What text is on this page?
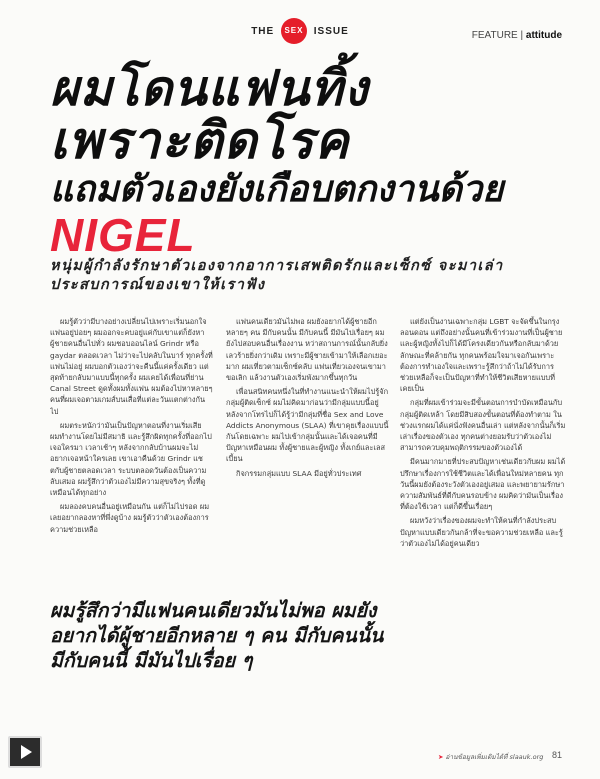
THE SEX ISSUE	FEATURE | attitude
ผมโดนแฟนทิ้ง
เพราะติดโรค
แถมตัวเองยังเกือบตกงานด้วย
NIGEL
หนุ่มผู้กำลังรักษาตัวเองจากอาการเสพติดรักและเซ็กซ์ จะมาเล่าประสบการณ์ของเขาให้เราฟัง

ผมรู้ตัวว่ามีบางอย่างเปลี่ยนไปเพราะเริ่มนอกใจแฟนอยู่บ่อยๆ ผมออกจะคบอยู่แค่กับเขาแต่ก็ยังหาผู้ชายคนอื่นไปทั่ว ผมชอบออนไลน์ Grindr หรือ gaydar ตลอดเวลา ไม่ว่าจะไปคลับในบาร์ ทุกครั้งที่แฟนไม่อยู่ ผมบอกตัวเองว่าจะคืนนี้แค่ครั้งเดียว แต่สุดท้ายกลับมาแบบนี้ทุกครั้ง ผมเคยได้เพื่อนที่ย่าน Canal Street ดูดทั้งผมทั้งแฟน ผมต้องไปหาหลายๆ คนที่ผมเจอตามเกมส์บนเสื่อที่แต่ละวันแตกต่างกันไป

ผมตระหนักว่ามันเป็นปัญหาตอนที่งานเริ่มเสีย ผมทำงานโดยไม่มีสมาธิ และรู้สึกผิดทุกครั้งที่ออกไปเจอใครมา เวลาเช้าๆ หลังจากกลับบ้านผมจะไม่อยากเจอหน้าใครเลย เขาเอาคืนด้วย Grindr แชตกับผู้ชายตลอดเวลา ระบบตลอดวันต้องเป็นความลับเสมอ ผมรู้สึกว่าตัวเองไม่มีความสุขจริงๆ ทั้งที่ดูเหมือนได้ทุกอย่าง

ผมลองคบคนอื่นอยู่เหมือนกัน แต่ก็ไม่ไปรอด ผมเลยอยากลองหาที่พึ่งดูบ้าง ผมรู้ตัวว่าตัวเองต้องการความช่วยเหลือ

แฟนคนเดียวมันไม่พอ ผมยังอยากได้ผู้ชายอีกหลายๆ คน มีกับคนนั้น มีกับคนนี้ มีมันไปเรื่อยๆ ผมยังไปสอบคนอื่นเรื่องงาน หว่าสถานการณ์นั้นกลับยิ่งเลวร้ายยิ่งกว่าเดิม เพราะมีผู้ชายเข้ามาให้เลือกเยอะมาก ผมเที่ยวตามเซ็กซ์คลับ แฟนเที่ยวเองจนเขามาขอเลิก แล้วงานตัวเองเริ่มพังมากขึ้นทุกวัน

เพื่อนสนิทคนหนึ่งในที่ทำงานแนะนำให้ผมไปรู้จักกลุ่มผู้ติดเซ็กซ์ ผมไม่คิดมาก่อนว่ามีกลุ่มแบบนี้อยู่ หลังจากโทรไปก็ได้รู้ว่ามีกลุ่มที่ชื่อ Sex and Love Addicts Anonymous (SLAA) ที่เขาคุยเรื่องแบบนี้กันโดยเฉพาะ ผมไปเข้ากลุ่มนั้นและได้เจอคนที่มีปัญหาเหมือนผม ทั้งผู้ชายและผู้หญิง ทั้งเกย์และเลสเบี้ยน

กิจกรรมกลุ่มแบบ SLAA มีอยู่ทั่วประเทศ

แต่ยังเป็นงานเฉพาะกลุ่ม LGBT จะจัดขึ้นในกรุงลอนดอน แต่ถึงอย่างนั้นคนที่เข้าร่วมงานที่เป็นผู้ชายและผู้หญิงทั้งไปก็ได้มีโครงเดียวกันหรือกลับมาด้วยลักษณะที่คล้ายกัน ทุกคนพร้อมใจมาเจอกันเพราะต้องการทำเองใจและเพราะรู้สึกว่าถ้าไม่ได้รับการช่วยเหลือก็จะเป็นปัญหาที่ทำให้ชีวิตเสียหายแบบที่เคยเป็น

กลุ่มที่ผมเข้าร่วมจะมีขั้นตอนการบำบัดเหมือนกับกลุ่มผู้ติดเหล้า โดยมีสิบสองขั้นตอนที่ต้องทำตาม ในช่วงแรกผมได้แค่นั่งฟังคนอื่นเล่า แต่หลังจากนั้นก็เริ่มเล่าเรื่องของตัวเอง ทุกคนต่างยอมรับว่าตัวเองไม่สามารถควบคุมพฤติกรรมของตัวเองได้

มีคนมากมายที่ประสบปัญหาเช่นเดียวกับผม ผมได้ปรึกษาเรื่องการใช้ชีวิตและได้เพื่อนใหม่หลายคน ทุกวันนี้ผมยังต้องระวังตัวเองอยู่เสมอ และพยายามรักษาความสัมพันธ์ที่ดีกับคนรอบข้าง ผมคิดว่ามันเป็นเรื่องที่ต้องใช้เวลา แต่ก็ดีขึ้นเรื่อยๆ

ผมหวังว่าเรื่องของผมจะทำให้คนที่กำลังประสบปัญหาแบบเดียวกันกล้าที่จะขอความช่วยเหลือ และรู้ว่าตัวเองไม่ได้อยู่คนเดียว

ผมรู้สึกว่ามีแฟนคนเดียวมันไม่พอ ผมยังอยากได้ผู้ชายอีกหลาย ๆ คน มีกับคนนั้น มีกับคนนี้ มีมันไปเรื่อย ๆ
➤ อ่านข้อมูลเพิ่มเติมได้ที่ slaauk.org 81
